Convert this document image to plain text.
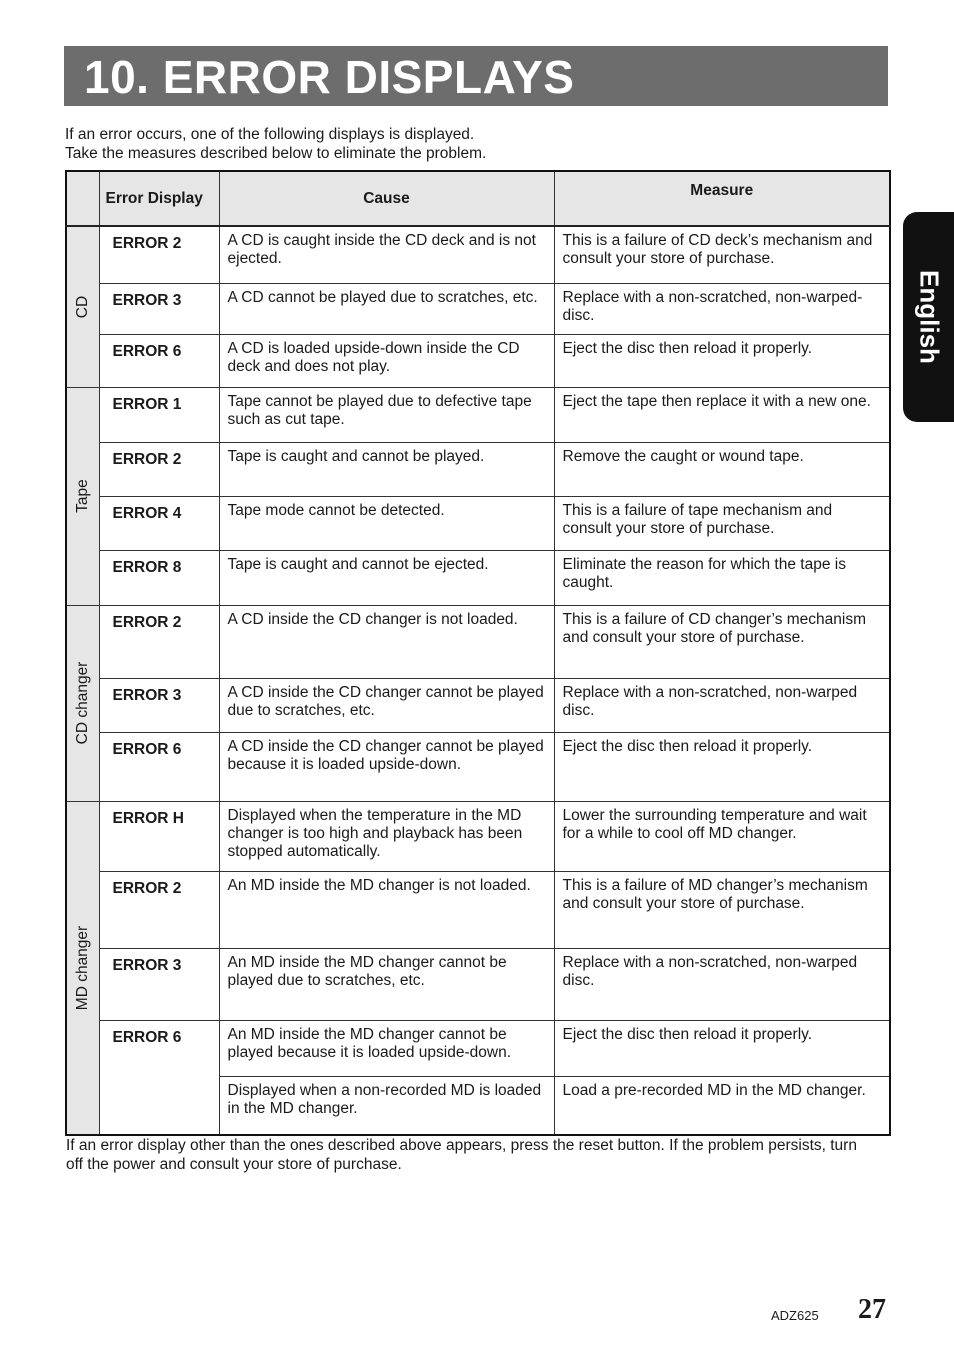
10. ERROR DISPLAYS
If an error occurs, one of the following displays is displayed.
Take the measures described below to eliminate the problem.
English
	Error Display	Cause	Measure

CD	ERROR 2	A CD is caught inside the CD deck and is not ejected.	This is a failure of CD deck’s mechanism and consult your store of purchase.
	ERROR 3	A CD cannot be played due to scratches, etc.	Replace with a non-scratched, non-warped-disc.
	ERROR 6	A CD is loaded upside-down inside the CD deck and does not play.	Eject the disc then reload it properly.

Tape	ERROR 1	Tape cannot be played due to defective tape such as cut tape.	Eject the tape then replace it with a new one.
	ERROR 2	Tape is caught and cannot be played.	Remove the caught or wound tape.
	ERROR 4	Tape mode cannot be detected.	This is a failure of tape mechanism and consult your store of purchase.
	ERROR 8	Tape is caught and cannot be ejected.	Eliminate the reason for which the tape is caught.

CD changer	ERROR 2	A CD inside the CD changer is not loaded.	This is a failure of CD changer’s mechanism and consult your store of purchase.
	ERROR 3	A CD inside the CD changer cannot be played due to scratches, etc.	Replace with a non-scratched, non-warped disc.
	ERROR 6	A CD inside the CD changer cannot be played because it is loaded upside-down.	Eject the disc then reload it properly.

MD changer	ERROR H	Displayed when the temperature in the MD changer is too high and playback has been stopped automatically.	Lower the surrounding temperature and wait for a while to cool off MD changer.
	ERROR 2	An MD inside the MD changer is not loaded.	This is a failure of MD changer’s mechanism and consult your store of purchase.
	ERROR 3	An MD inside the MD changer cannot be played due to scratches, etc.	Replace with a non-scratched, non-warped disc.
	ERROR 6	An MD inside the MD changer cannot be played because it is loaded upside-down.	Eject the disc then reload it properly.
		Displayed when a non-recorded MD is loaded in the MD changer.	Load a pre-recorded MD in the MD changer.
If an error display other than the ones described above appears, press the reset button. If the problem persists, turn off the power and consult your store of purchase.
ADZ625 27
